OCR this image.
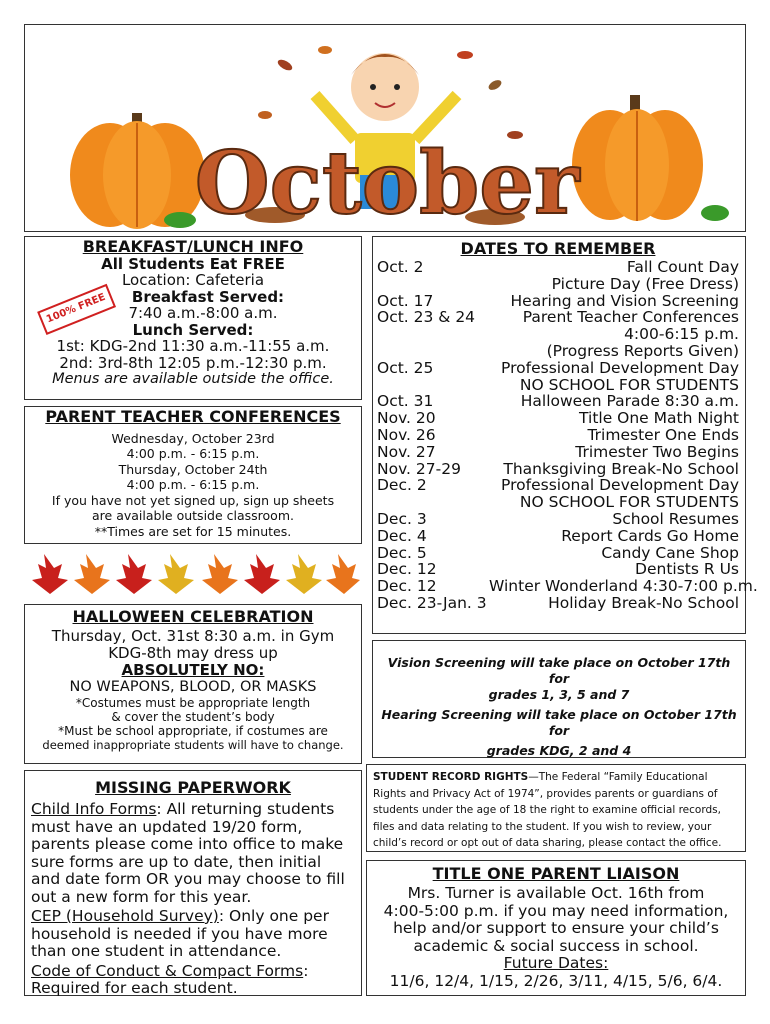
October
BREAKFAST/LUNCH INFO
All Students Eat FREE
Location: Cafeteria
Breakfast Served:
7:40 a.m.-8:00 a.m.
Lunch Served:
1st: KDG-2nd 11:30 a.m.-11:55 a.m.
2nd: 3rd-8th 12:05 p.m.-12:30 p.m.
Menus are available outside the office.
100% FREE
PARENT TEACHER CONFERENCES
Wednesday, October 23rd
4:00 p.m. - 6:15 p.m.
Thursday, October 24th
4:00 p.m. - 6:15 p.m.
If you have not yet signed up, sign up sheets
are available outside classroom.
**Times are set for 15 minutes.
HALLOWEEN CELEBRATION
Thursday, Oct. 31st 8:30 a.m. in Gym
KDG-8th may dress up
ABSOLUTELY NO:
NO WEAPONS, BLOOD, OR MASKS
*Costumes must be appropriate length
& cover the student’s body
*Must be school appropriate, if costumes are
deemed inappropriate students will have to change.
MISSING PAPERWORK
Child Info Forms: All returning students must have an updated 19/20 form, parents please come into office to make sure forms are up to date, then initial and date form OR you may choose to fill out a new form for this year.
CEP (Household Survey): Only one per household is needed if you have more than one student in attendance.
Code of Conduct & Compact Forms: Required for each student.
DATES TO REMEMBER
Oct. 2	Fall Count Day
Picture Day (Free Dress)
Oct. 17	Hearing and Vision Screening
Oct. 23 & 24	Parent Teacher Conferences
4:00-6:15 p.m.
(Progress Reports Given)
Oct. 25	Professional Development Day
NO SCHOOL FOR STUDENTS
Oct. 31	Halloween Parade 8:30 a.m.
Nov. 20	Title One Math Night
Nov. 26	Trimester One Ends
Nov. 27	Trimester Two Begins
Nov. 27-29	Thanksgiving Break-No School
Dec. 2	Professional Development Day
NO SCHOOL FOR STUDENTS
Dec. 3	School Resumes
Dec. 4	Report Cards Go Home
Dec. 5	Candy Cane Shop
Dec. 12	Dentists R Us
Dec. 12	Winter Wonderland 4:30-7:00 p.m.
Dec. 23-Jan. 3	Holiday Break-No School
Vision Screening will take place on October 17th for
grades 1, 3, 5 and 7
Hearing Screening will take place on October 17th for
grades KDG, 2 and 4
STUDENT RECORD RIGHTS—The Federal “Family Educational Rights and Privacy Act of 1974”, provides parents or guardians of students under the age of 18 the right to examine official records, files and data relating to the student. If you wish to review, your child’s record or opt out of data sharing, please contact the office.
TITLE ONE PARENT LIAISON
Mrs. Turner is available Oct. 16th from
4:00-5:00 p.m. if you may need information,
help and/or support to ensure your child’s
academic & social success in school.
Future Dates:
11/6, 12/4, 1/15, 2/26, 3/11, 4/15, 5/6, 6/4.
